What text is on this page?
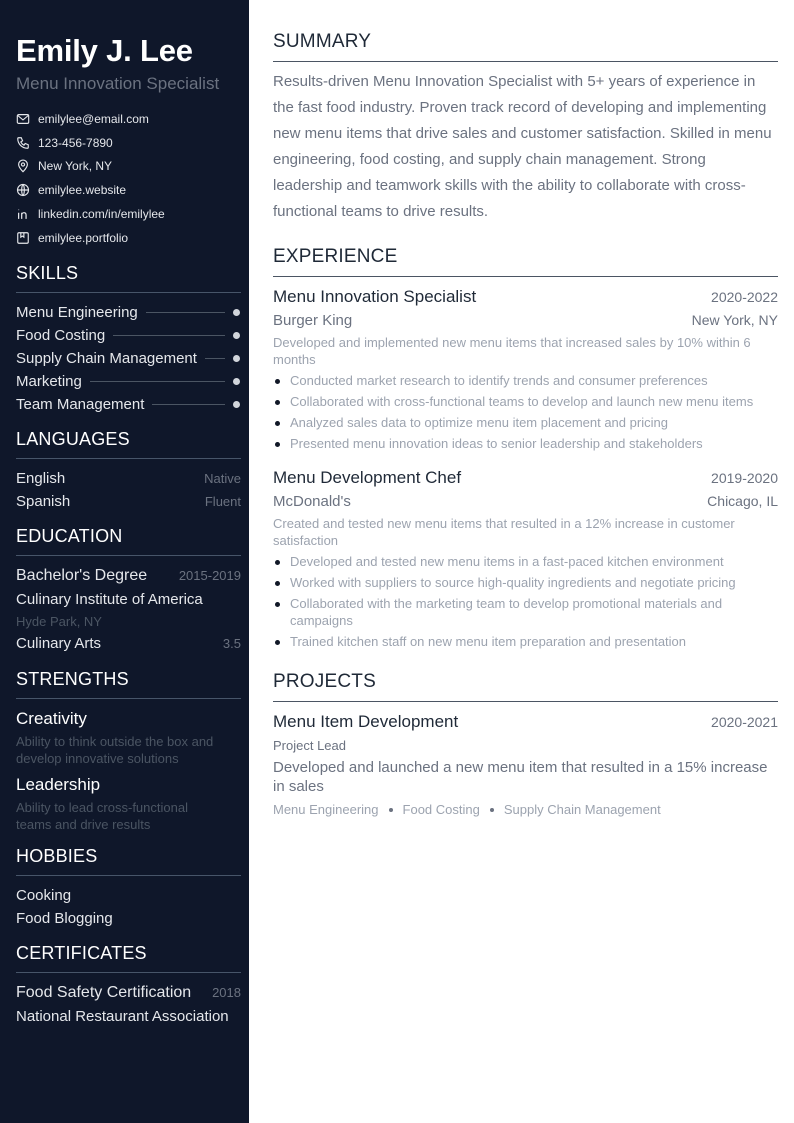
Emily J. Lee
Menu Innovation Specialist
emilylee@email.com
123-456-7890
New York, NY
emilylee.website
linkedin.com/in/emilylee
emilylee.portfolio
SKILLS
Menu Engineering
Food Costing
Supply Chain Management
Marketing
Team Management
LANGUAGES
English	Native
Spanish	Fluent
EDUCATION
Bachelor's Degree 2015-2019
Culinary Institute of America
Hyde Park, NY
Culinary Arts	3.5
STRENGTHS
Creativity
Ability to think outside the box and develop innovative solutions
Leadership
Ability to lead cross-functional teams and drive results
HOBBIES
Cooking
Food Blogging
CERTIFICATES
Food Safety Certification 2018
National Restaurant Association
SUMMARY

Results-driven Menu Innovation Specialist with 5+ years of experience in the fast food industry. Proven track record of developing and implementing new menu items that drive sales and customer satisfaction. Skilled in menu engineering, food costing, and supply chain management. Strong leadership and teamwork skills with the ability to collaborate with cross-functional teams to drive results.

EXPERIENCE
Menu Innovation Specialist	2020-2022
Burger King	New York, NY
Developed and implemented new menu items that increased sales by 10% within 6 months
Conducted market research to identify trends and consumer preferences
Collaborated with cross-functional teams to develop and launch new menu items
Analyzed sales data to optimize menu item placement and pricing
Presented menu innovation ideas to senior leadership and stakeholders
Menu Development Chef	2019-2020
McDonald's	Chicago, IL
Created and tested new menu items that resulted in a 12% increase in customer satisfaction
Developed and tested new menu items in a fast-paced kitchen environment
Worked with suppliers to source high-quality ingredients and negotiate pricing
Collaborated with the marketing team to develop promotional materials and campaigns
Trained kitchen staff on new menu item preparation and presentation
PROJECTS
Menu Item Development	2020-2021
Project Lead
Developed and launched a new menu item that resulted in a 15% increase in sales
Menu Engineering Food Costing Supply Chain Management
